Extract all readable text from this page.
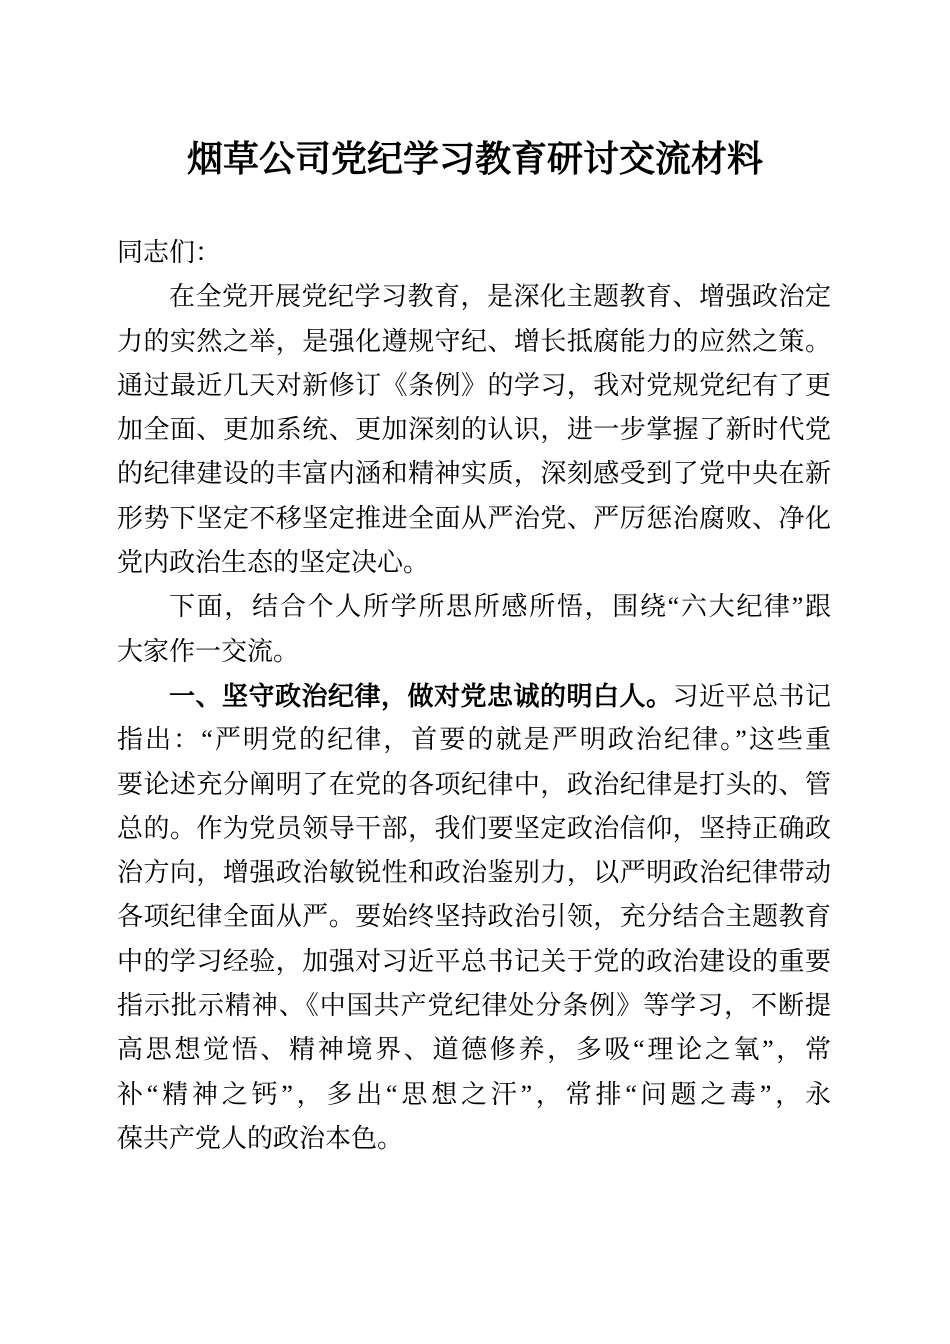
烟草公司党纪学习教育研讨交流材料
同志们：
在全党开展党纪学习教育，是深化主题教育、增强政治定
力的实然之举，是强化遵规守纪、增长抵腐能力的应然之策。
通过最近几天对新修订《条例》的学习，我对党规党纪有了更
加全面、更加系统、更加深刻的认识，进一步掌握了新时代党
的纪律建设的丰富内涵和精神实质，深刻感受到了党中央在新
形势下坚定不移坚定推进全面从严治党、严厉惩治腐败、净化
党内政治生态的坚定决心。
下面，结合个人所学所思所感所悟，围绕“六大纪律”跟
大家作一交流。
一、坚守政治纪律，做对党忠诚的明白人。习近平总书记
指出：“严明党的纪律，首要的就是严明政治纪律。”这些重
要论述充分阐明了在党的各项纪律中，政治纪律是打头的、管
总的。作为党员领导干部，我们要坚定政治信仰，坚持正确政
治方向，增强政治敏锐性和政治鉴别力，以严明政治纪律带动
各项纪律全面从严。要始终坚持政治引领，充分结合主题教育
中的学习经验，加强对习近平总书记关于党的政治建设的重要
指示批示精神、《中国共产党纪律处分条例》等学习，不断提
高思想觉悟、精神境界、道德修养，多吸“理论之氧”，常
补“精神之钙”，多出“思想之汗”，常排“问题之毒”，永
葆共产党人的政治本色。
